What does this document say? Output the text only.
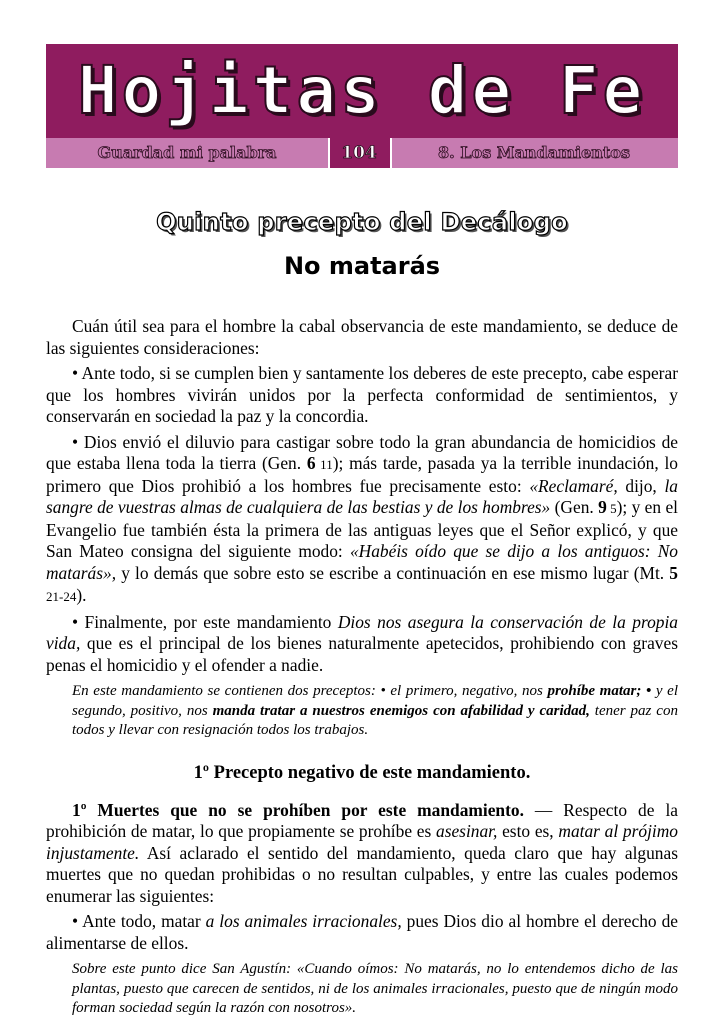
Hojitas de Fe
Guardad mi palabra	104	8. Los Mandamientos
Quinto precepto del Decálogo
No matarás

Cuán útil sea para el hombre la cabal observancia de este mandamiento, se deduce de las siguientes consideraciones:

• Ante todo, si se cumplen bien y santamente los deberes de este precepto, cabe esperar que los hombres vivirán unidos por la perfecta conformidad de sentimientos, y conservarán en sociedad la paz y la concordia.

• Dios envió el diluvio para castigar sobre todo la gran abundancia de homicidios de que estaba llena toda la tierra (Gen. 6 11); más tarde, pasada ya la terrible inundación, lo primero que Dios prohibió a los hombres fue precisamente esto: «Reclamaré, dijo, la sangre de vuestras almas de cualquiera de las bestias y de los hombres» (Gen. 9 5); y en el Evangelio fue también ésta la primera de las antiguas leyes que el Señor explicó, y que San Mateo consigna del siguiente modo: «Habéis oído que se dijo a los antiguos: No matarás», y lo demás que sobre esto se escribe a continuación en ese mismo lugar (Mt. 5 21-24).

• Finalmente, por este mandamiento Dios nos asegura la conservación de la propia vida, que es el principal de los bienes naturalmente apetecidos, prohibiendo con graves penas el homicidio y el ofender a nadie.

En este mandamiento se contienen dos preceptos: • el primero, negativo, nos prohíbe matar; • y el segundo, positivo, nos manda tratar a nuestros enemigos con afabilidad y caridad, tener paz con todos y llevar con resignación todos los trabajos.

1º Precepto negativo de este mandamiento.

1º Muertes que no se prohíben por este mandamiento. — Respecto de la prohibición de matar, lo que propiamente se prohíbe es asesinar, esto es, matar al prójimo injustamente. Así aclarado el sentido del mandamiento, queda claro que hay algunas muertes que no quedan prohibidas o no resultan culpables, y entre las cuales podemos enumerar las siguientes:

• Ante todo, matar a los animales irracionales, pues Dios dio al hombre el derecho de alimentarse de ellos.

Sobre este punto dice San Agustín: «Cuando oímos: No matarás, no lo entendemos dicho de las plantas, puesto que carecen de sentidos, ni de los animales irracionales, puesto que de ningún modo forman sociedad según la razón con nosotros».
